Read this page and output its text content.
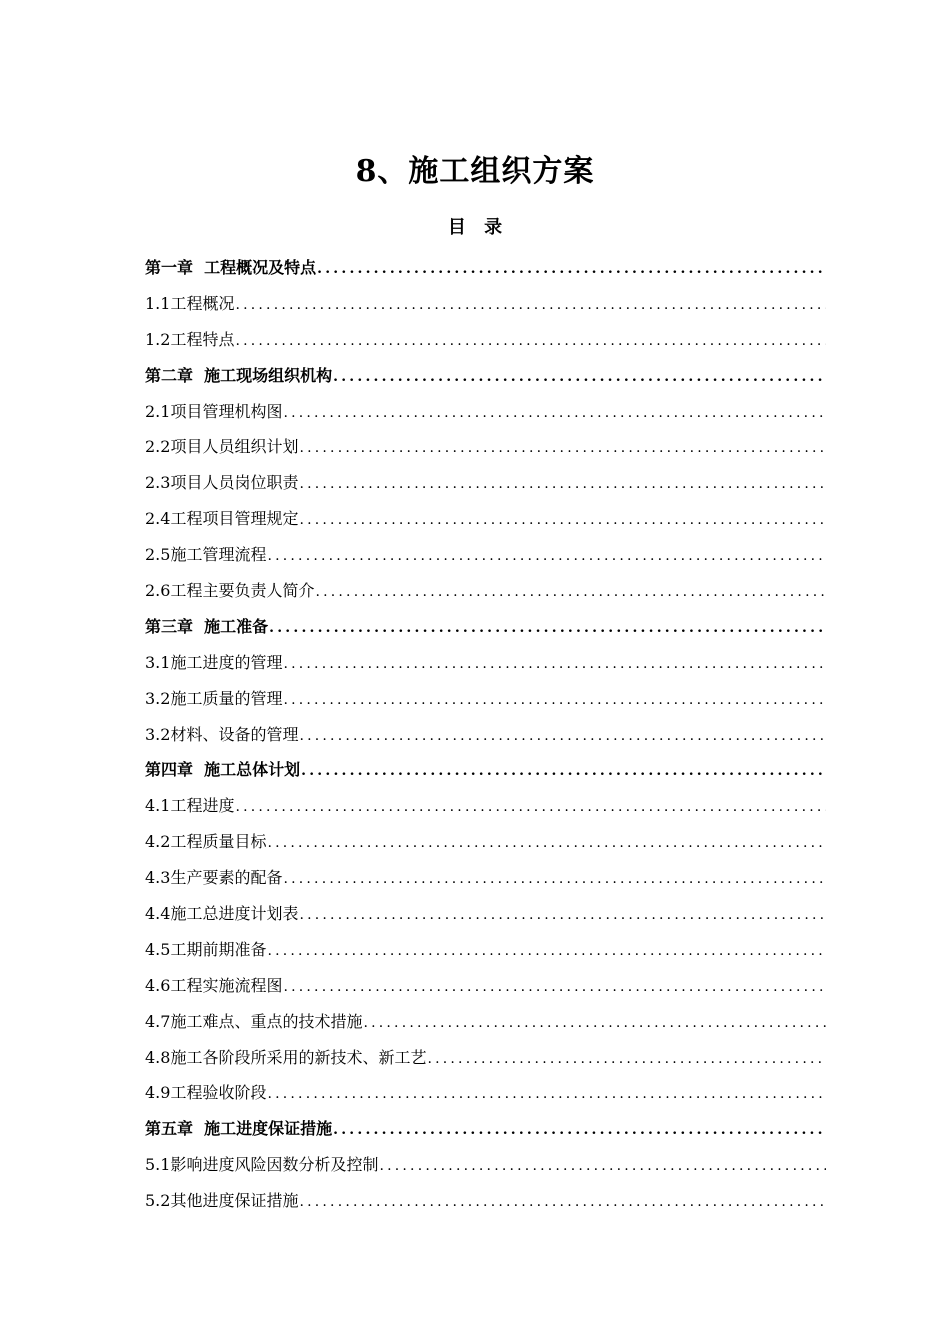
8、施工组织方案
目 录
第一章  工程概况及特点
.....
1.1工程概况
.....
1.2工程特点
.....
第二章  施工现场组织机构
.....
2.1项目管理机构图
.....
2.2项目人员组织计划
.....
2.3项目人员岗位职责
.....
2.4工程项目管理规定
.....
2.5施工管理流程
.....
2.6工程主要负责人简介
.....
第三章  施工准备
.....
3.1施工进度的管理
.....
3.2施工质量的管理
.....
3.2材料、设备的管理
.....
第四章  施工总体计划
.....
4.1工程进度
.....
4.2工程质量目标
.....
4.3生产要素的配备
.....
4.4施工总进度计划表
.....
4.5工期前期准备
.....
4.6工程实施流程图
.....
4.7施工难点、重点的技术措施
.....
4.8施工各阶段所采用的新技术、新工艺
.....
4.9工程验收阶段
.....
第五章  施工进度保证措施
.....
5.1影响进度风险因数分析及控制
.....
5.2其他进度保证措施
.....
